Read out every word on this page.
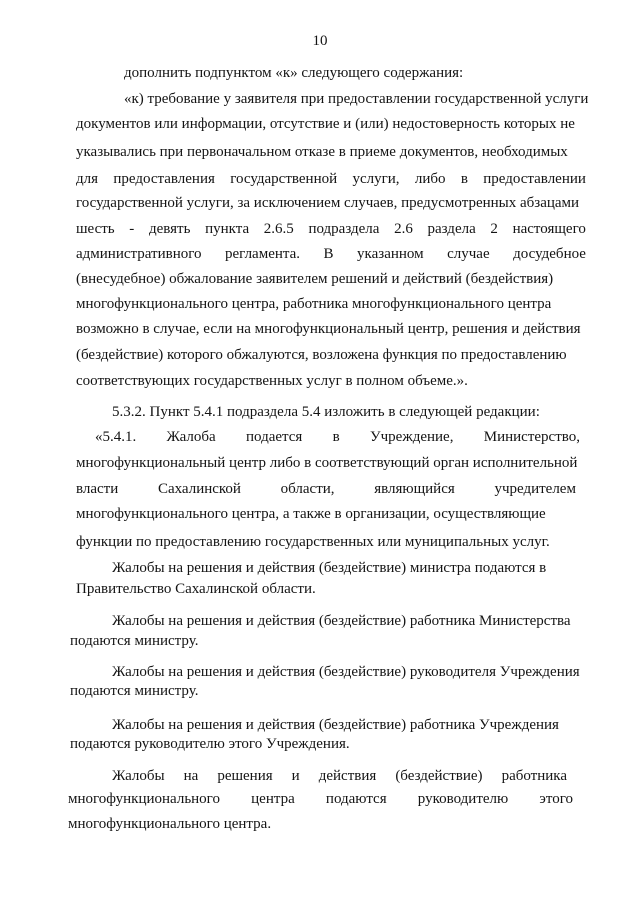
10

дополнить подпунктом «к» следующего содержания:

«к) требование у заявителя при предоставлении государственной услуги

документов или информации, отсутствие и (или) недостоверность которых не

указывались при первоначальном отказе в приеме документов, необходимых

для предоставления государственной услуги, либо в предоставлении

государственной услуги, за исключением случаев, предусмотренных абзацами

шесть - девять пункта 2.6.5 подраздела 2.6 раздела 2 настоящего

административного регламента. В указанном случае досудебное

(внесудебное) обжалование заявителем решений и действий (бездействия)

многофункционального центра, работника многофункционального центра

возможно в случае, если на многофункциональный центр, решения и действия

(бездействие) которого обжалуются, возложена функция по предоставлению

соответствующих государственных услуг в полном объеме.».

5.3.2. Пункт 5.4.1 подраздела 5.4 изложить в следующей редакции:

«5.4.1. Жалоба подается в Учреждение, Министерство,

многофункциональный центр либо в соответствующий орган исполнительной

власти	Сахалинской	области,	являющийся	учредителем

многофункционального центра, а также в организации, осуществляющие

функции по предоставлению государственных или муниципальных услуг.

Жалобы на решения и действия (бездействие) министра подаются в

Правительство Сахалинской области.

Жалобы на решения и действия (бездействие) работника Министерства

подаются министру.

Жалобы на решения и действия (бездействие) руководителя Учреждения

подаются министру.

Жалобы на решения и действия (бездействие) работника Учреждения

подаются руководителю этого Учреждения.

Жалобы на решения и действия (бездействие) работника

многофункционального центра подаются руководителю этого

многофункционального центра.
